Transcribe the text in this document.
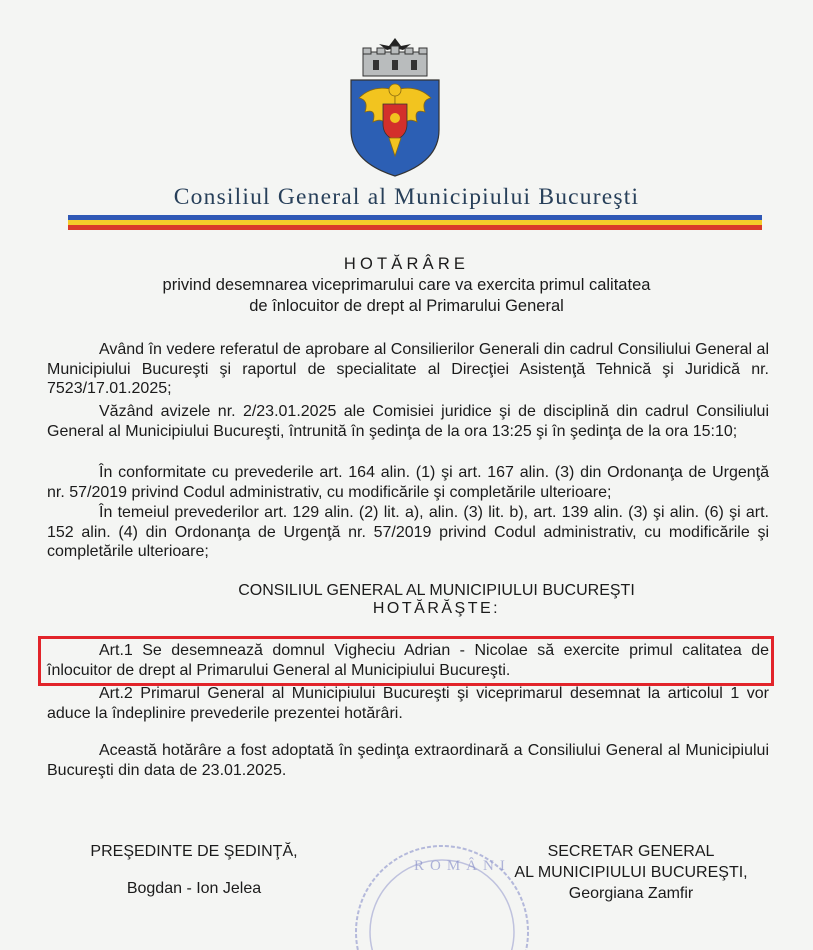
Consiliul General al Municipiului Bucureşti
HOTĂRÂRE
privind desemnarea viceprimarului care va exercita primul calitatea
de înlocuitor de drept al Primarului General

Având în vedere referatul de aprobare al Consilierilor Generali din cadrul Consiliului General al Municipiului Bucureşti şi raportul de specialitate al Direcţiei Asistenţă Tehnică şi Juridică nr. 7523/17.01.2025;

Văzând avizele nr. 2/23.01.2025 ale Comisiei juridice şi de disciplină din cadrul Consiliului General al Municipiului Bucureşti, întrunită în şedinţa de la ora 13:25 şi în şedinţa de la ora 15:10;

În conformitate cu prevederile art. 164 alin. (1) şi art. 167 alin. (3) din Ordonanţa de Urgenţă nr. 57/2019 privind Codul administrativ, cu modificările şi completările ulterioare;

În temeiul prevederilor art. 129 alin. (2) lit. a), alin. (3) lit. b), art. 139 alin. (3) şi alin. (6) şi art. 152 alin. (4) din Ordonanţa de Urgenţă nr. 57/2019 privind Codul administrativ, cu modificările şi completările ulterioare;

CONSILIUL GENERAL AL MUNICIPIULUI BUCUREŞTI
HOTĂRĂŞTE:

Art.1 Se desemnează domnul Vigheciu Adrian - Nicolae să exercite primul calitatea de înlocuitor de drept al Primarului General al Municipiului Bucureşti.

Art.2 Primarul General al Municipiului Bucureşti şi viceprimarul desemnat la articolul 1 vor aduce la îndeplinire prevederile prezentei hotărâri.

Această hotărâre a fost adoptată în şedinţa extraordinară a Consiliului General al Municipiului Bucureşti din data de 23.01.2025.

PREŞEDINTE DE ŞEDINŢĂ,
Bogdan - Ion Jelea
ROMÂNI
SECRETAR GENERAL
AL MUNICIPIULUI BUCUREŞTI,
Georgiana Zamfir
